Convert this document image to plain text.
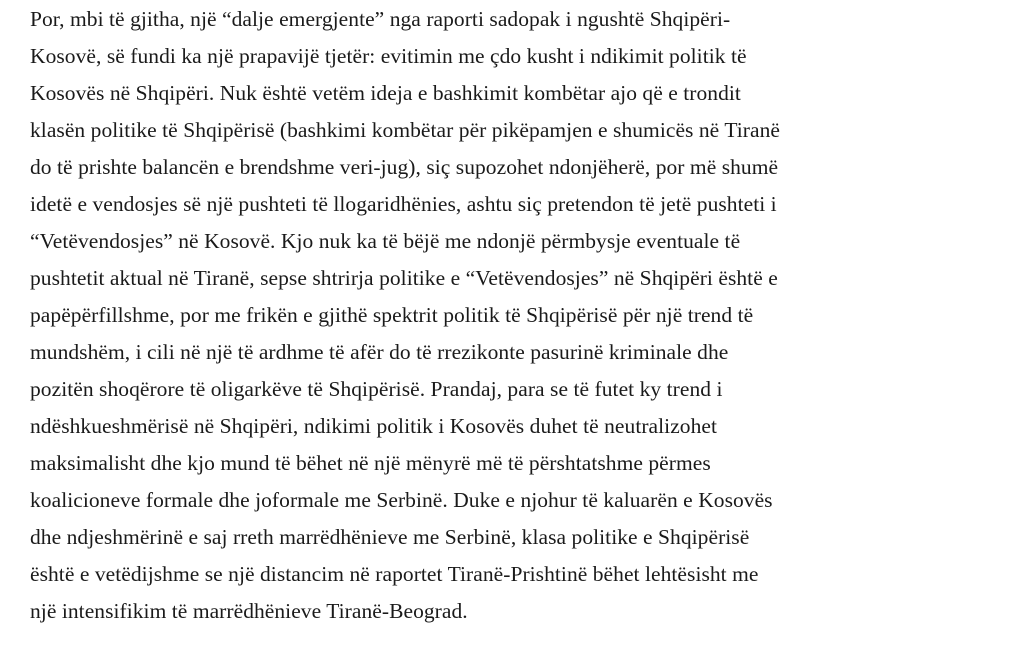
Por, mbi të gjitha, një “dalje emergjente” nga raporti sadopak i ngushtë Shqipëri-
Kosovë, së fundi ka një prapavijë tjetër: evitimin me çdo kusht i ndikimit politik të
Kosovës në Shqipëri. Nuk është vetëm ideja e bashkimit kombëtar ajo që e trondit
klasën politike të Shqipërisë (bashkimi kombëtar për pikëpamjen e shumicës në Tiranë
do të prishte balancën e brendshme veri-jug), siç supozohet ndonjëherë, por më shumë
idetë e vendosjes së një pushteti të llogaridhënies, ashtu siç pretendon të jetë pushteti i
“Vetëvendosjes” në Kosovë. Kjo nuk ka të bëjë me ndonjë përmbysje eventuale të
pushtetit aktual në Tiranë, sepse shtrirja politike e “Vetëvendosjes” në Shqipëri është e
papëpërfillshme, por me frikën e gjithë spektrit politik të Shqipërisë për një trend të
mundshëm, i cili në një të ardhme të afër do të rrezikonte pasurinë kriminale dhe
pozitën shoqërore të oligarkëve të Shqipërisë. Prandaj, para se të futet ky trend i
ndëshkueshmërisë në Shqipëri, ndikimi politik i Kosovës duhet të neutralizohet
maksimalisht dhe kjo mund të bëhet në një mënyrë më të përshtatshme përmes
koalicioneve formale dhe joformale me Serbinë. Duke e njohur të kaluarën e Kosovës
dhe ndjeshmërinë e saj rreth marrëdhënieve me Serbinë, klasa politike e Shqipërisë
është e vetëdijshme se një distancim në raportet Tiranë-Prishtinë bëhet lehtësisht me
një intensifikim të marrëdhënieve Tiranë-Beograd.
